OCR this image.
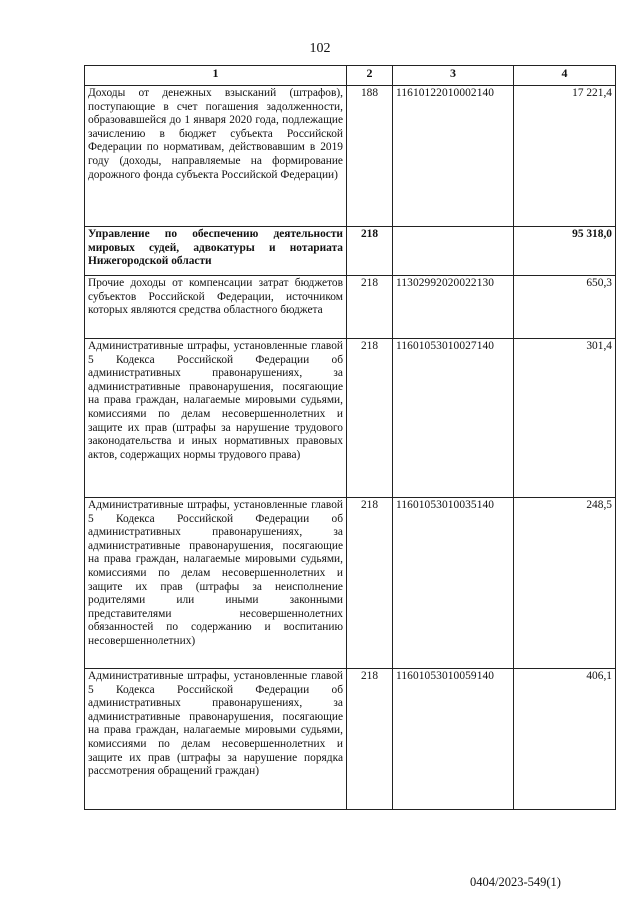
102
1	2	3	4
Доходы от денежных взысканий (штрафов), поступающие в счет погашения задолженности, образовавшейся до 1 января 2020 года, подлежащие зачислению в бюджет субъекта Российской Федерации по нормативам, действовавшим в 2019 году (доходы, направляемые на формирование дорожного фонда субъекта Российской Федерации)	188	11610122010002140	17 221,4
Управление по обеспечению деятельности мировых судей, адвокатуры и нотариата Нижегородской области	218		95 318,0
Прочие доходы от компенсации затрат бюджетов субъектов Российской Федерации, источником которых являются средства областного бюджета	218	11302992020022130	650,3
Административные штрафы, установленные главой 5 Кодекса Российской Федерации об административных правонарушениях, за административные правонарушения, посягающие на права граждан, налагаемые мировыми судьями, комиссиями по делам несовершеннолетних и защите их прав (штрафы за нарушение трудового законодательства и иных нормативных правовых актов, содержащих нормы трудового права)	218	11601053010027140	301,4
Административные штрафы, установленные главой 5 Кодекса Российской Федерации об административных правонарушениях, за административные правонарушения, посягающие на права граждан, налагаемые мировыми судьями, комиссиями по делам несовершеннолетних и защите их прав (штрафы за неисполнение родителями или иными законными представителями несовершеннолетних обязанностей по содержанию и воспитанию несовершеннолетних)	218	11601053010035140	248,5
Административные штрафы, установленные главой 5 Кодекса Российской Федерации об административных правонарушениях, за административные правонарушения, посягающие на права граждан, налагаемые мировыми судьями, комиссиями по делам несовершеннолетних и защите их прав (штрафы за нарушение порядка рассмотрения обращений граждан)	218	11601053010059140	406,1
0404/2023-549(1)
